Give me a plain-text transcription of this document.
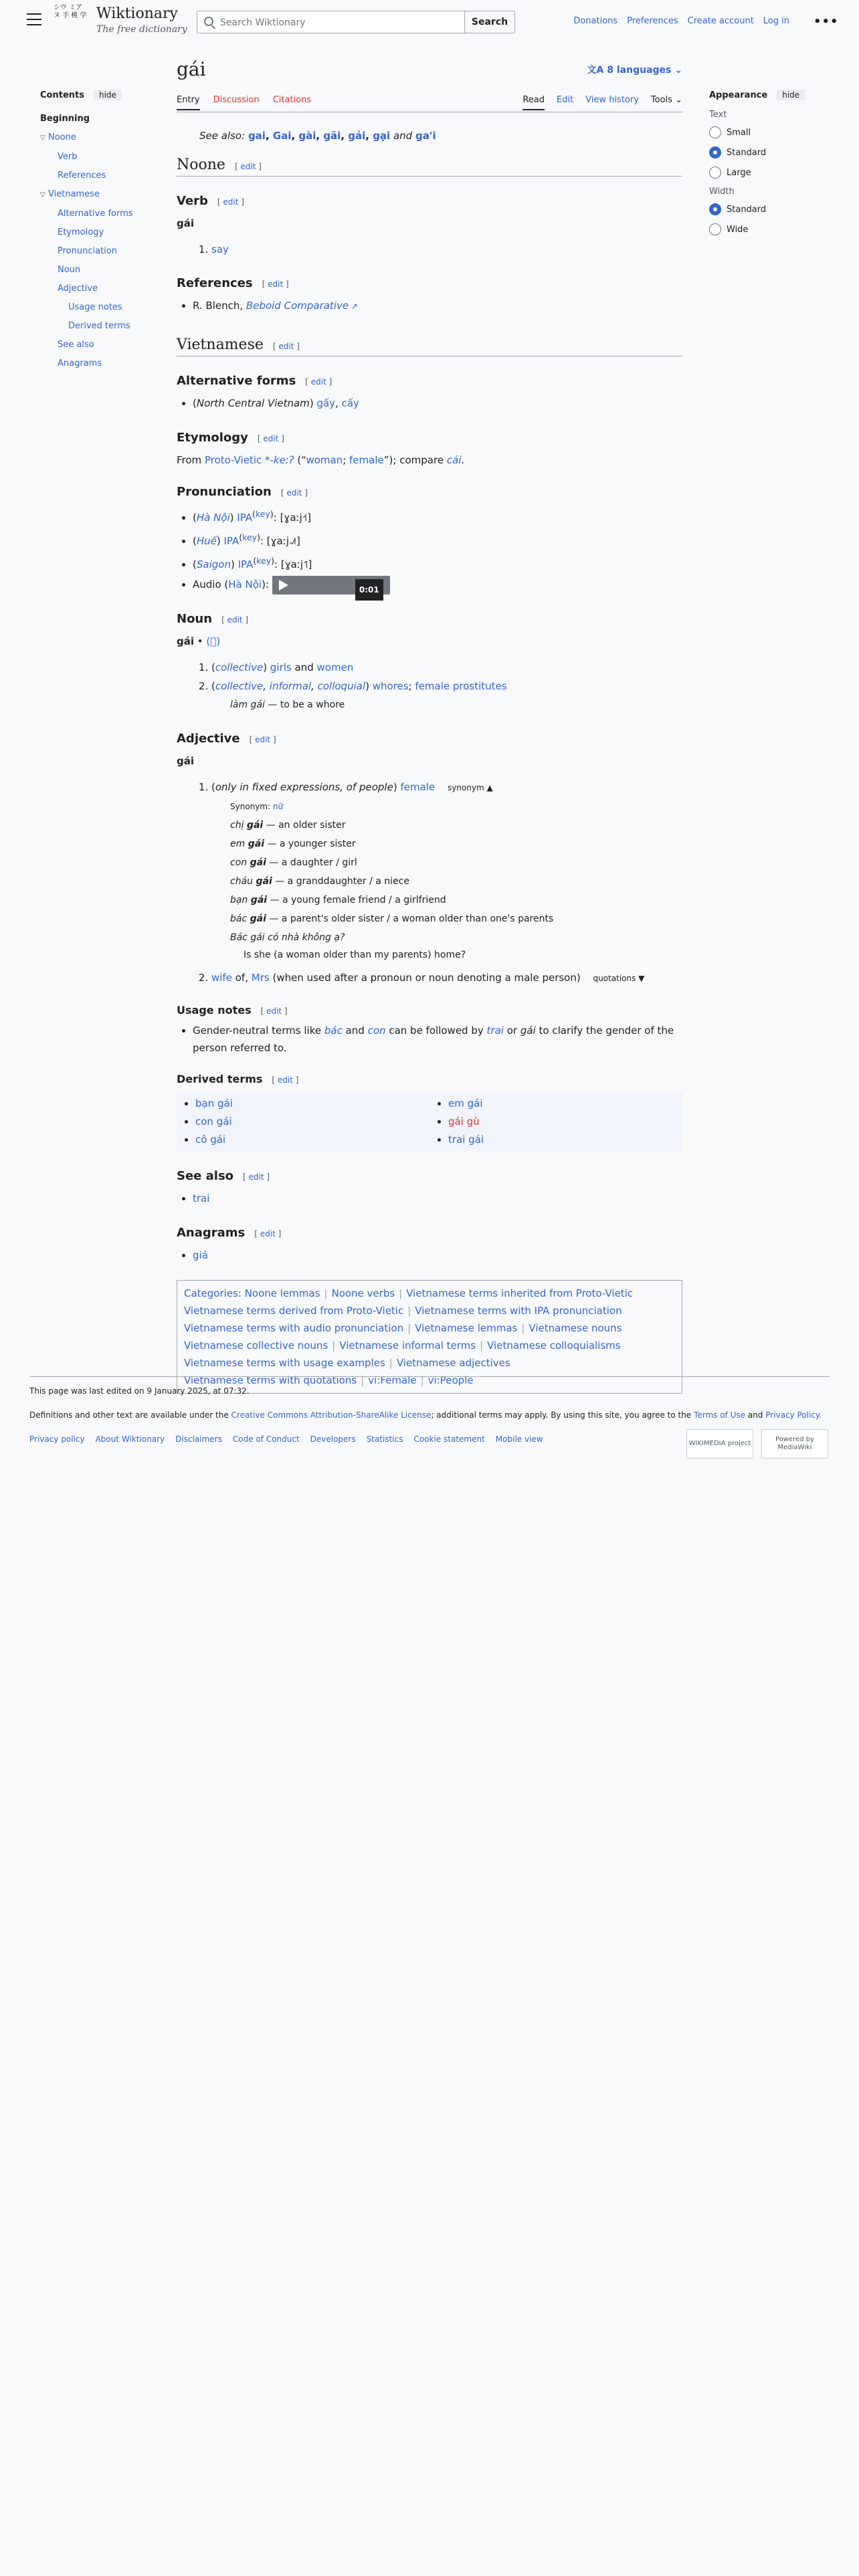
シウ ミア ヌ 手 桃 学 Wiktionary
The free dictionary
Search Wiktionary
Search	Donations Preferences Create account Log in •••
Contents	hide
Beginning
▽ Noone
Verb
References
▽ Vietnamese
Alternative forms
Etymology
Pronunciation
Noun
Adjective
Usage notes
Derived terms
See also
Anagrams
gái	文A 8 languages ⌄
Entry Discussion Citations	Read Edit View history Tools ⌄
See also: gai, Gai, gài, gãi, gải, gại and ga'i
Noone [ edit ]
Verb [ edit ]
gái
1. say
References [ edit ]
• R. Blench, Beboid Comparative ↗
Vietnamese [ edit ]
Alternative forms [ edit ]
• (North Central Vietnam) gấy, cấy
Etymology [ edit ]
From Proto-Vietic *-keːʔ (“woman; female”); compare cái.
Pronunciation [ edit ]
• (Hà Nội) $IPA^{(key)}$: [ɣaːj˧˦]
• (Huế) $IPA^{(key)}$: [ɣaːj˨˩˦]
• (Saigon) $IPA^{(key)}$: [ɣaːj˦˥]
• Audio (Hà Nội):	0:01
Noun [ edit ]
gái • (𡛔)
1. (collective) girls and women
2. (collective, informal, colloquial) whores; female prostitutes
làm gái — to be a whore
Adjective [ edit ]
gái
1. (only in fixed expressions, of people) female synonym ▲
Synonym: nữ
chị gái — an older sister
em gái — a younger sister
con gái — a daughter / girl
cháu gái — a granddaughter / a niece
bạn gái — a young female friend / a girlfriend
bác gái — a parent's older sister / a woman older than one's parents
Bác gái có nhà không ạ?
Is she (a woman older than my parents) home?
2. wife of, Mrs (when used after a pronoun or noun denoting a male person) quotations ▼
Usage notes [ edit ]
• Gender-neutral terms like bác and con can be followed by trai or gái to clarify the gender of the person referred to.
Derived terms [ edit ]
• bạn gái
• con gái
• cô gái
• em gái
• gái gù
• trai gái
See also [ edit ]
• trai
Anagrams [ edit ]
• giá
Categories: Noone lemmas | Noone verbs | Vietnamese terms inherited from Proto-Vietic
Vietnamese terms derived from Proto-Vietic | Vietnamese terms with IPA pronunciation
Vietnamese terms with audio pronunciation | Vietnamese lemmas | Vietnamese nouns
Vietnamese collective nouns | Vietnamese informal terms | Vietnamese colloquialisms
Vietnamese terms with usage examples | Vietnamese adjectives
Vietnamese terms with quotations | vi:Female | vi:People
Appearance	hide
Text
Small
Standard
Large
Width
Standard
Wide
This page was last edited on 9 January 2025, at 07:32.
Definitions and other text are available under the Creative Commons Attribution-ShareAlike License; additional terms may apply. By using this site, you agree to the Terms of Use and Privacy Policy.
Privacy policy About Wiktionary Disclaimers Code of Conduct Developers Statistics Cookie statement Mobile view	WIKIMEDIA project
Powered by MediaWiki
